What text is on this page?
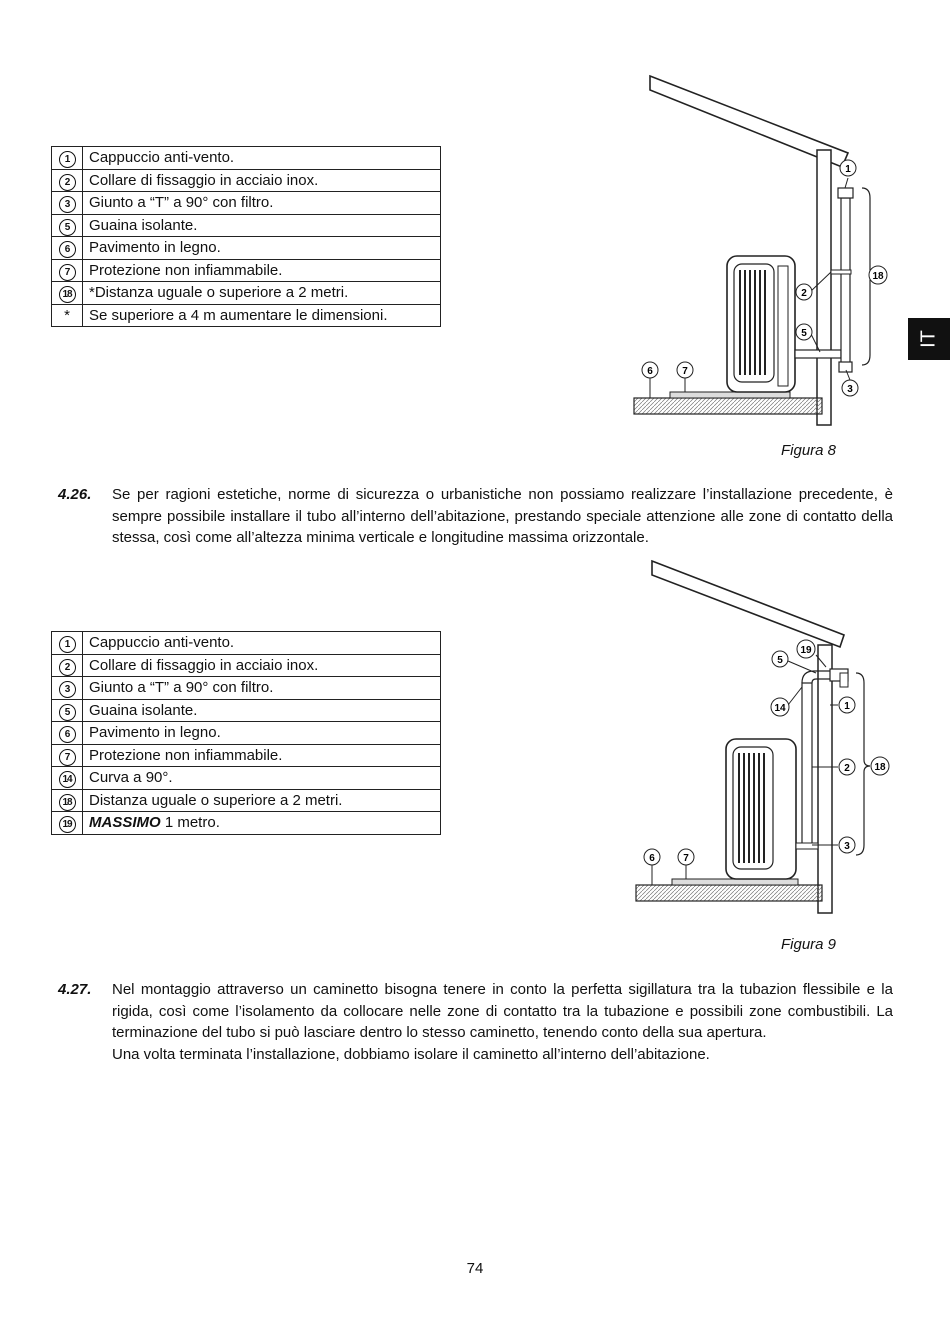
IT
1	Cappuccio anti-vento.
2	Collare di fissaggio in acciaio inox.
3	Giunto a “T” a 90° con filtro.
5	Guaina isolante.
6	Pavimento in legno.
7	Protezione non infiammabile.
18	*Distanza uguale o superiore a 2 metri.
*	Se superiore a 4 m aumentare le dimensioni.
1
2
5
6	7
3
18
Figura 8
4.26. Se per ragioni estetiche, norme di sicurezza o urbanistiche non possiamo realizzare l’installazione precedente, è sempre possibile installare il tubo all’interno dell’abitazione, prestando speciale attenzione alle zone di contatto della stessa, così come all’altezza minima verticale e longitudine massima orizzontale.

1	Cappuccio anti-vento.
2	Collare di fissaggio in acciaio inox.
3	Giunto a “T” a 90° con filtro.
5	Guaina isolante.
6	Pavimento in legno.
7	Protezione non infiammabile.
14	Curva a 90°.
18	Distanza uguale o superiore a 2 metri.
19	MASSIMO 1 metro.
19
5
14	1
2 18
3
6	7
Figura 9
4.27. Nel montaggio attraverso un caminetto bisogna tenere in conto la perfetta sigillatura tra la tubazion flessibile e la rigida, così come l’isolamento da collocare nelle zone di contatto tra la tubazione e possibili zone combustibili. La terminazione del tubo si può lasciare dentro lo stesso caminetto, tenendo conto della sua apertura.

Una volta terminata l’installazione, dobbiamo isolare il caminetto all’interno dell’abitazione.

74
